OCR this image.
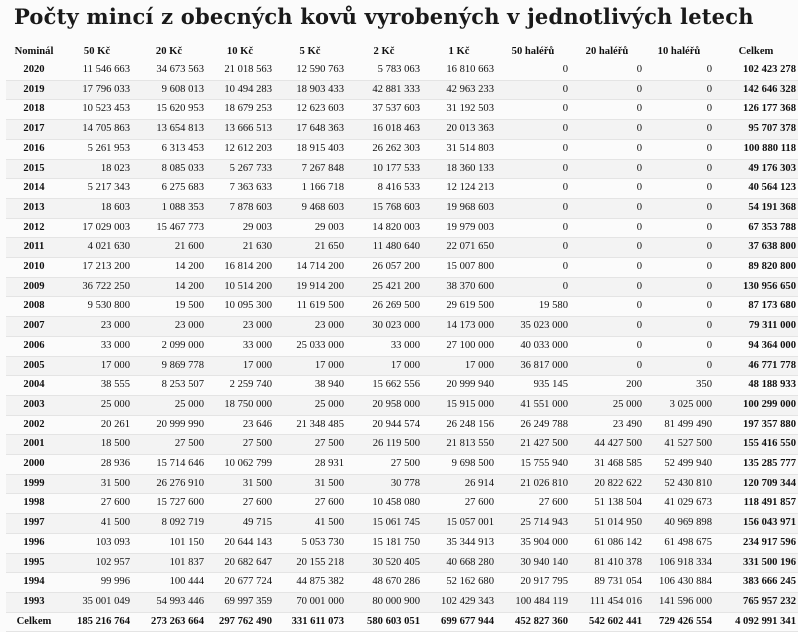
Počty mincí z obecných kovů vyrobených v jednotlivých letech
Nominál	50 Kč	20 Kč	10 Kč	5 Kč	2 Kč	1 Kč	50 haléřů	20 haléřů	10 haléřů	Celkem
2020	11 546 663	34 673 563	21 018 563	12 590 763	5 783 063	16 810 663	0	0	0	102 423 278
2019	17 796 033	9 608 013	10 494 283	18 903 433	42 881 333	42 963 233	0	0	0	142 646 328
2018	10 523 453	15 620 953	18 679 253	12 623 603	37 537 603	31 192 503	0	0	0	126 177 368
2017	14 705 863	13 654 813	13 666 513	17 648 363	16 018 463	20 013 363	0	0	0	95 707 378
2016	5 261 953	6 313 453	12 612 203	18 915 403	26 262 303	31 514 803	0	0	0	100 880 118
2015	18 023	8 085 033	5 267 733	7 267 848	10 177 533	18 360 133	0	0	0	49 176 303
2014	5 217 343	6 275 683	7 363 633	1 166 718	8 416 533	12 124 213	0	0	0	40 564 123
2013	18 603	1 088 353	7 878 603	9 468 603	15 768 603	19 968 603	0	0	0	54 191 368
2012	17 029 003	15 467 773	29 003	29 003	14 820 003	19 979 003	0	0	0	67 353 788
2011	4 021 630	21 600	21 630	21 650	11 480 640	22 071 650	0	0	0	37 638 800
2010	17 213 200	14 200	16 814 200	14 714 200	26 057 200	15 007 800	0	0	0	89 820 800
2009	36 722 250	14 200	10 514 200	19 914 200	25 421 200	38 370 600	0	0	0	130 956 650
2008	9 530 800	19 500	10 095 300	11 619 500	26 269 500	29 619 500	19 580	0	0	87 173 680
2007	23 000	23 000	23 000	23 000	30 023 000	14 173 000	35 023 000	0	0	79 311 000
2006	33 000	2 099 000	33 000	25 033 000	33 000	27 100 000	40 033 000	0	0	94 364 000
2005	17 000	9 869 778	17 000	17 000	17 000	17 000	36 817 000	0	0	46 771 778
2004	38 555	8 253 507	2 259 740	38 940	15 662 556	20 999 940	935 145	200	350	48 188 933
2003	25 000	25 000	18 750 000	25 000	20 958 000	15 915 000	41 551 000	25 000	3 025 000	100 299 000
2002	20 261	20 999 990	23 646	21 348 485	20 944 574	26 248 156	26 249 788	23 490	81 499 490	197 357 880
2001	18 500	27 500	27 500	27 500	26 119 500	21 813 550	21 427 500	44 427 500	41 527 500	155 416 550
2000	28 936	15 714 646	10 062 799	28 931	27 500	9 698 500	15 755 940	31 468 585	52 499 940	135 285 777
1999	31 500	26 276 910	31 500	31 500	30 778	26 914	21 026 810	20 822 622	52 430 810	120 709 344
1998	27 600	15 727 600	27 600	27 600	10 458 080	27 600	27 600	51 138 504	41 029 673	118 491 857
1997	41 500	8 092 719	49 715	41 500	15 061 745	15 057 001	25 714 943	51 014 950	40 969 898	156 043 971
1996	103 093	101 150	20 644 143	5 053 730	15 181 750	35 344 913	35 904 000	61 086 142	61 498 675	234 917 596
1995	102 957	101 837	20 682 647	20 155 218	30 520 405	40 668 280	30 940 140	81 410 378	106 918 334	331 500 196
1994	99 996	100 444	20 677 724	44 875 382	48 670 286	52 162 680	20 917 795	89 731 054	106 430 884	383 666 245
1993	35 001 049	54 993 446	69 997 359	70 001 000	80 000 900	102 429 343	100 484 119	111 454 016	141 596 000	765 957 232
Celkem	185 216 764	273 263 664	297 762 490	331 611 073	580 603 051	699 677 944	452 827 360	542 602 441	729 426 554	4 092 991 341
